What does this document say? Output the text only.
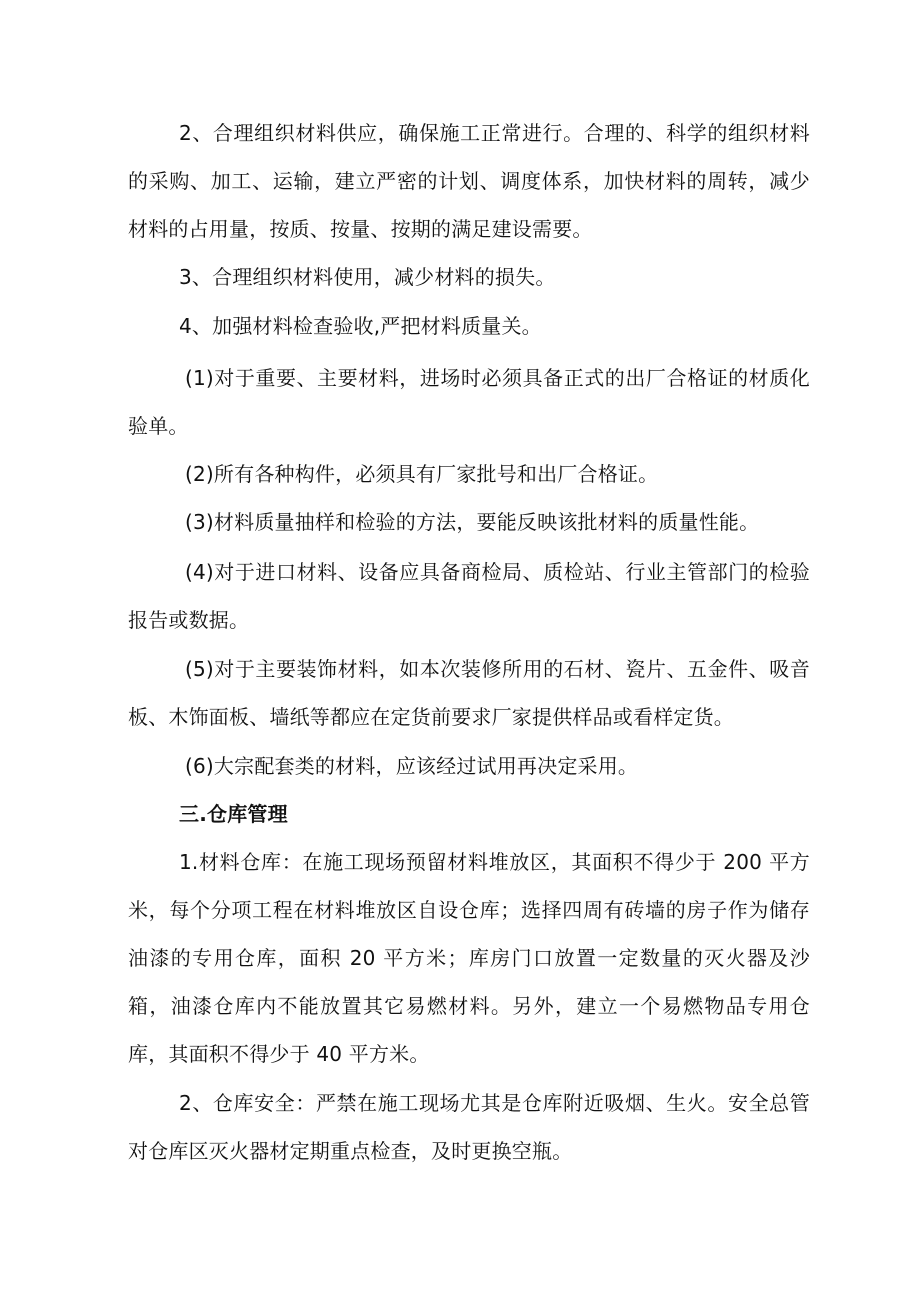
2、合理组织材料供应，确保施工正常进行。合理的、科学的组织材料的采购、加工、运输，建立严密的计划、调度体系，加快材料的周转，减少材料的占用量，按质、按量、按期的满足建设需要。

3、合理组织材料使用，减少材料的损失。

4、加强材料检查验收,严把材料质量关。

(1)对于重要、主要材料，进场时必须具备正式的出厂合格证的材质化验单。

(2)所有各种构件，必须具有厂家批号和出厂合格证。

(3)材料质量抽样和检验的方法，要能反映该批材料的质量性能。

(4)对于进口材料、设备应具备商检局、质检站、行业主管部门的检验报告或数据。

(5)对于主要装饰材料，如本次装修所用的石材、瓷片、五金件、吸音板、木饰面板、墙纸等都应在定货前要求厂家提供样品或看样定货。

(6)大宗配套类的材料，应该经过试用再决定采用。

三.仓库管理

1.材料仓库：在施工现场预留材料堆放区，其面积不得少于 200 平方米，每个分项工程在材料堆放区自设仓库；选择四周有砖墙的房子作为储存油漆的专用仓库，面积 20 平方米；库房门口放置一定数量的灭火器及沙箱，油漆仓库内不能放置其它易燃材料。另外，建立一个易燃物品专用仓库，其面积不得少于 40 平方米。

2、仓库安全：严禁在施工现场尤其是仓库附近吸烟、生火。安全总管对仓库区灭火器材定期重点检查，及时更换空瓶。
